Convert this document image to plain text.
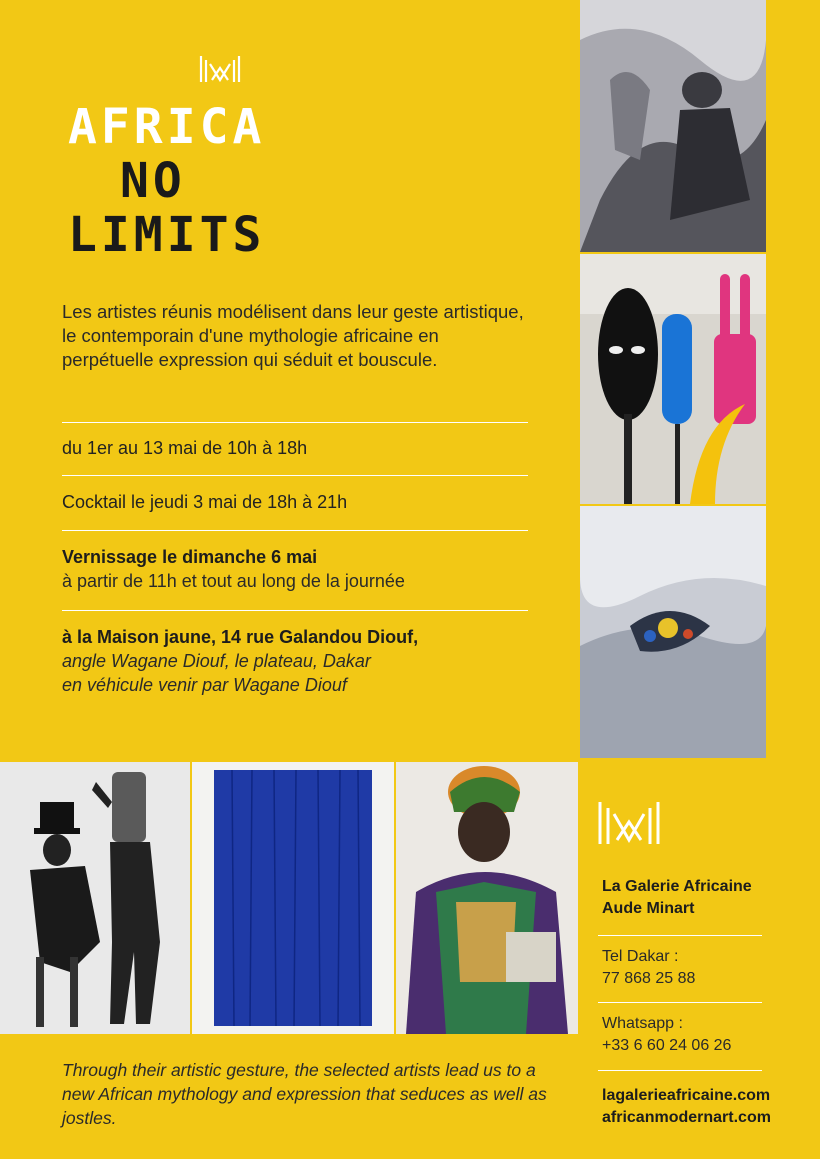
AFRICA
NO
LIMITS
Les artistes réunis modélisent dans leur geste artistique, le contemporain d'une mythologie africaine en perpétuelle expression qui séduit et bouscule.
du 1er au 13 mai de 10h à 18h
Cocktail le jeudi 3 mai de 18h à 21h
Vernissage le dimanche 6 mai
à partir de 11h et tout au long de la journée
à la Maison jaune, 14 rue Galandou Diouf,
angle Wagane Diouf, le plateau, Dakar
en véhicule venir par Wagane Diouf
La Galerie Africaine
Aude Minart
Tel Dakar :
77 868 25 88
Whatsapp :
+33 6 60 24 06 26
lagalerieafricaine.com
africanmodernart.com
Through their artistic gesture, the selected artists lead us to a new African mythology and expression that seduces as well as jostles.
